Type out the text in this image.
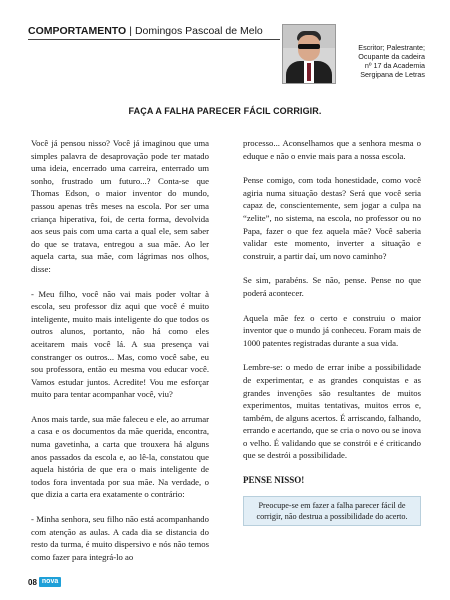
COMPORTAMENTO | Domingos Pascoal de Melo
Escritor; Palestrante;
Ocupante da cadeira
nº 17 da Academia
Sergipana de Letras
FAÇA A FALHA PARECER FÁCIL CORRIGIR.

Você já pensou nisso? Você já imaginou que uma simples palavra de desaprovação pode ter matado uma ideia, encerrado uma carreira, enterrado um sonho, frustrado um futuro...? Conta-se que Thomas Edson, o maior inventor do mundo, passou apenas três meses na escola. Por ser uma criança hiperativa, foi, de certa forma, devolvida aos seus pais com uma carta a qual ele, sem saber do que se tratava, entregou a sua mãe. Ao ler aquela carta, sua mãe, com lágrimas nos olhos, disse:

- Meu filho, você não vai mais poder voltar à escola, seu professor diz aqui que você é muito inteligente, muito mais inteligente do que todos os outros alunos, portanto, não há como eles aceitarem mais você lá. A sua presença vai constranger os outros... Mas, como você sabe, eu sou professora, então eu mesma vou educar você. Vamos estudar juntos. Acredite! Vou me esforçar muito para tentar acompanhar você, viu?

Anos mais tarde, sua mãe faleceu e ele, ao arrumar a casa e os documentos da mãe querida, encontra, numa gavetinha, a carta que trouxera há alguns anos passados da escola e, ao lê-la, constatou que aquela história de que era o mais inteligente de todos fora inventada por sua mãe. Na verdade, o que dizia a carta era exatamente o contrário:

- Minha senhora, seu filho não está acompanhando com atenção as aulas. A cada dia se distancia do resto da turma, é muito dispersivo e nós não temos como fazer para integrá-lo ao

processo... Aconselhamos que a senhora mesma o eduque e não o envie mais para a nossa escola.

Pense comigo, com toda honestidade, como você agiria numa situação destas? Será que você seria capaz de, conscientemente, sem jogar a culpa na “zelite”, no sistema, na escola, no professor ou no Papa, fazer o que fez aquela mãe? Você saberia validar este momento, inverter a situação e construir, a partir daí, um novo caminho?

Se sim, parabéns. Se não, pense. Pense no que poderá acontecer.

Aquela mãe fez o certo e construiu o maior inventor que o mundo já conheceu. Foram mais de 1000 patentes registradas durante a sua vida.

Lembre-se: o medo de errar inibe a possibilidade de experimentar, e as grandes conquistas e as grandes invenções são resultantes de muitos experimentos, muitas tentativas, muitos erros e, também, de alguns acertos. É arriscando, falhando, errando e acertando, que se cria o novo ou se inova o velho. É validando que se constrói e é criticando que se destrói a possibilidade.

PENSE NISSO!

Preocupe-se em fazer a falha parecer fácil de corrigir, não destrua a possibilidade do acerto.
08 nova
